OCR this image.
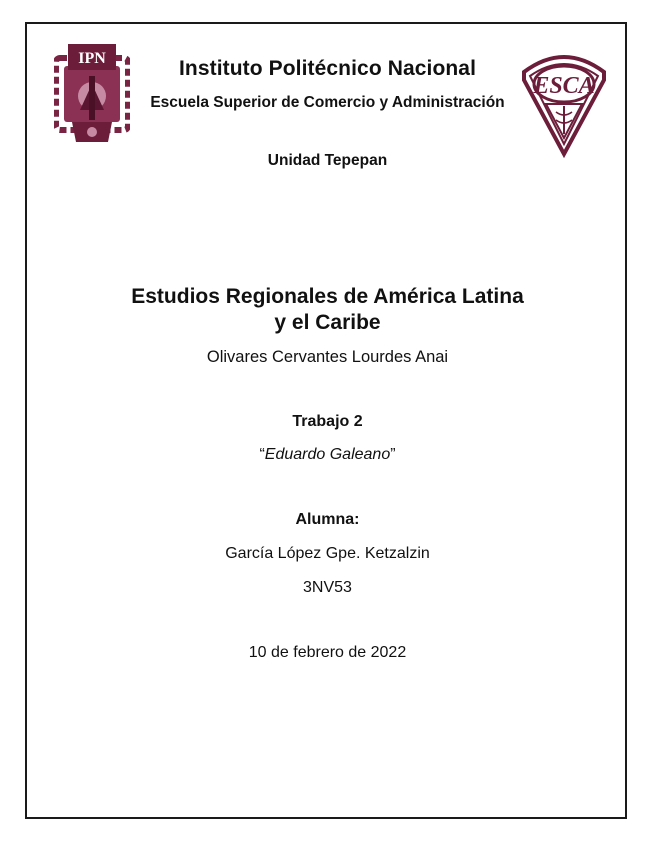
IPN
ESCA
Instituto Politécnico Nacional
Escuela Superior de Comercio y Administración
Unidad Tepepan
Estudios Regionales de América Latina y el Caribe
Olivares Cervantes Lourdes Anai
Trabajo 2
“Eduardo Galeano”
Alumna:
García López Gpe. Ketzalzin
3NV53
10 de febrero de 2022
